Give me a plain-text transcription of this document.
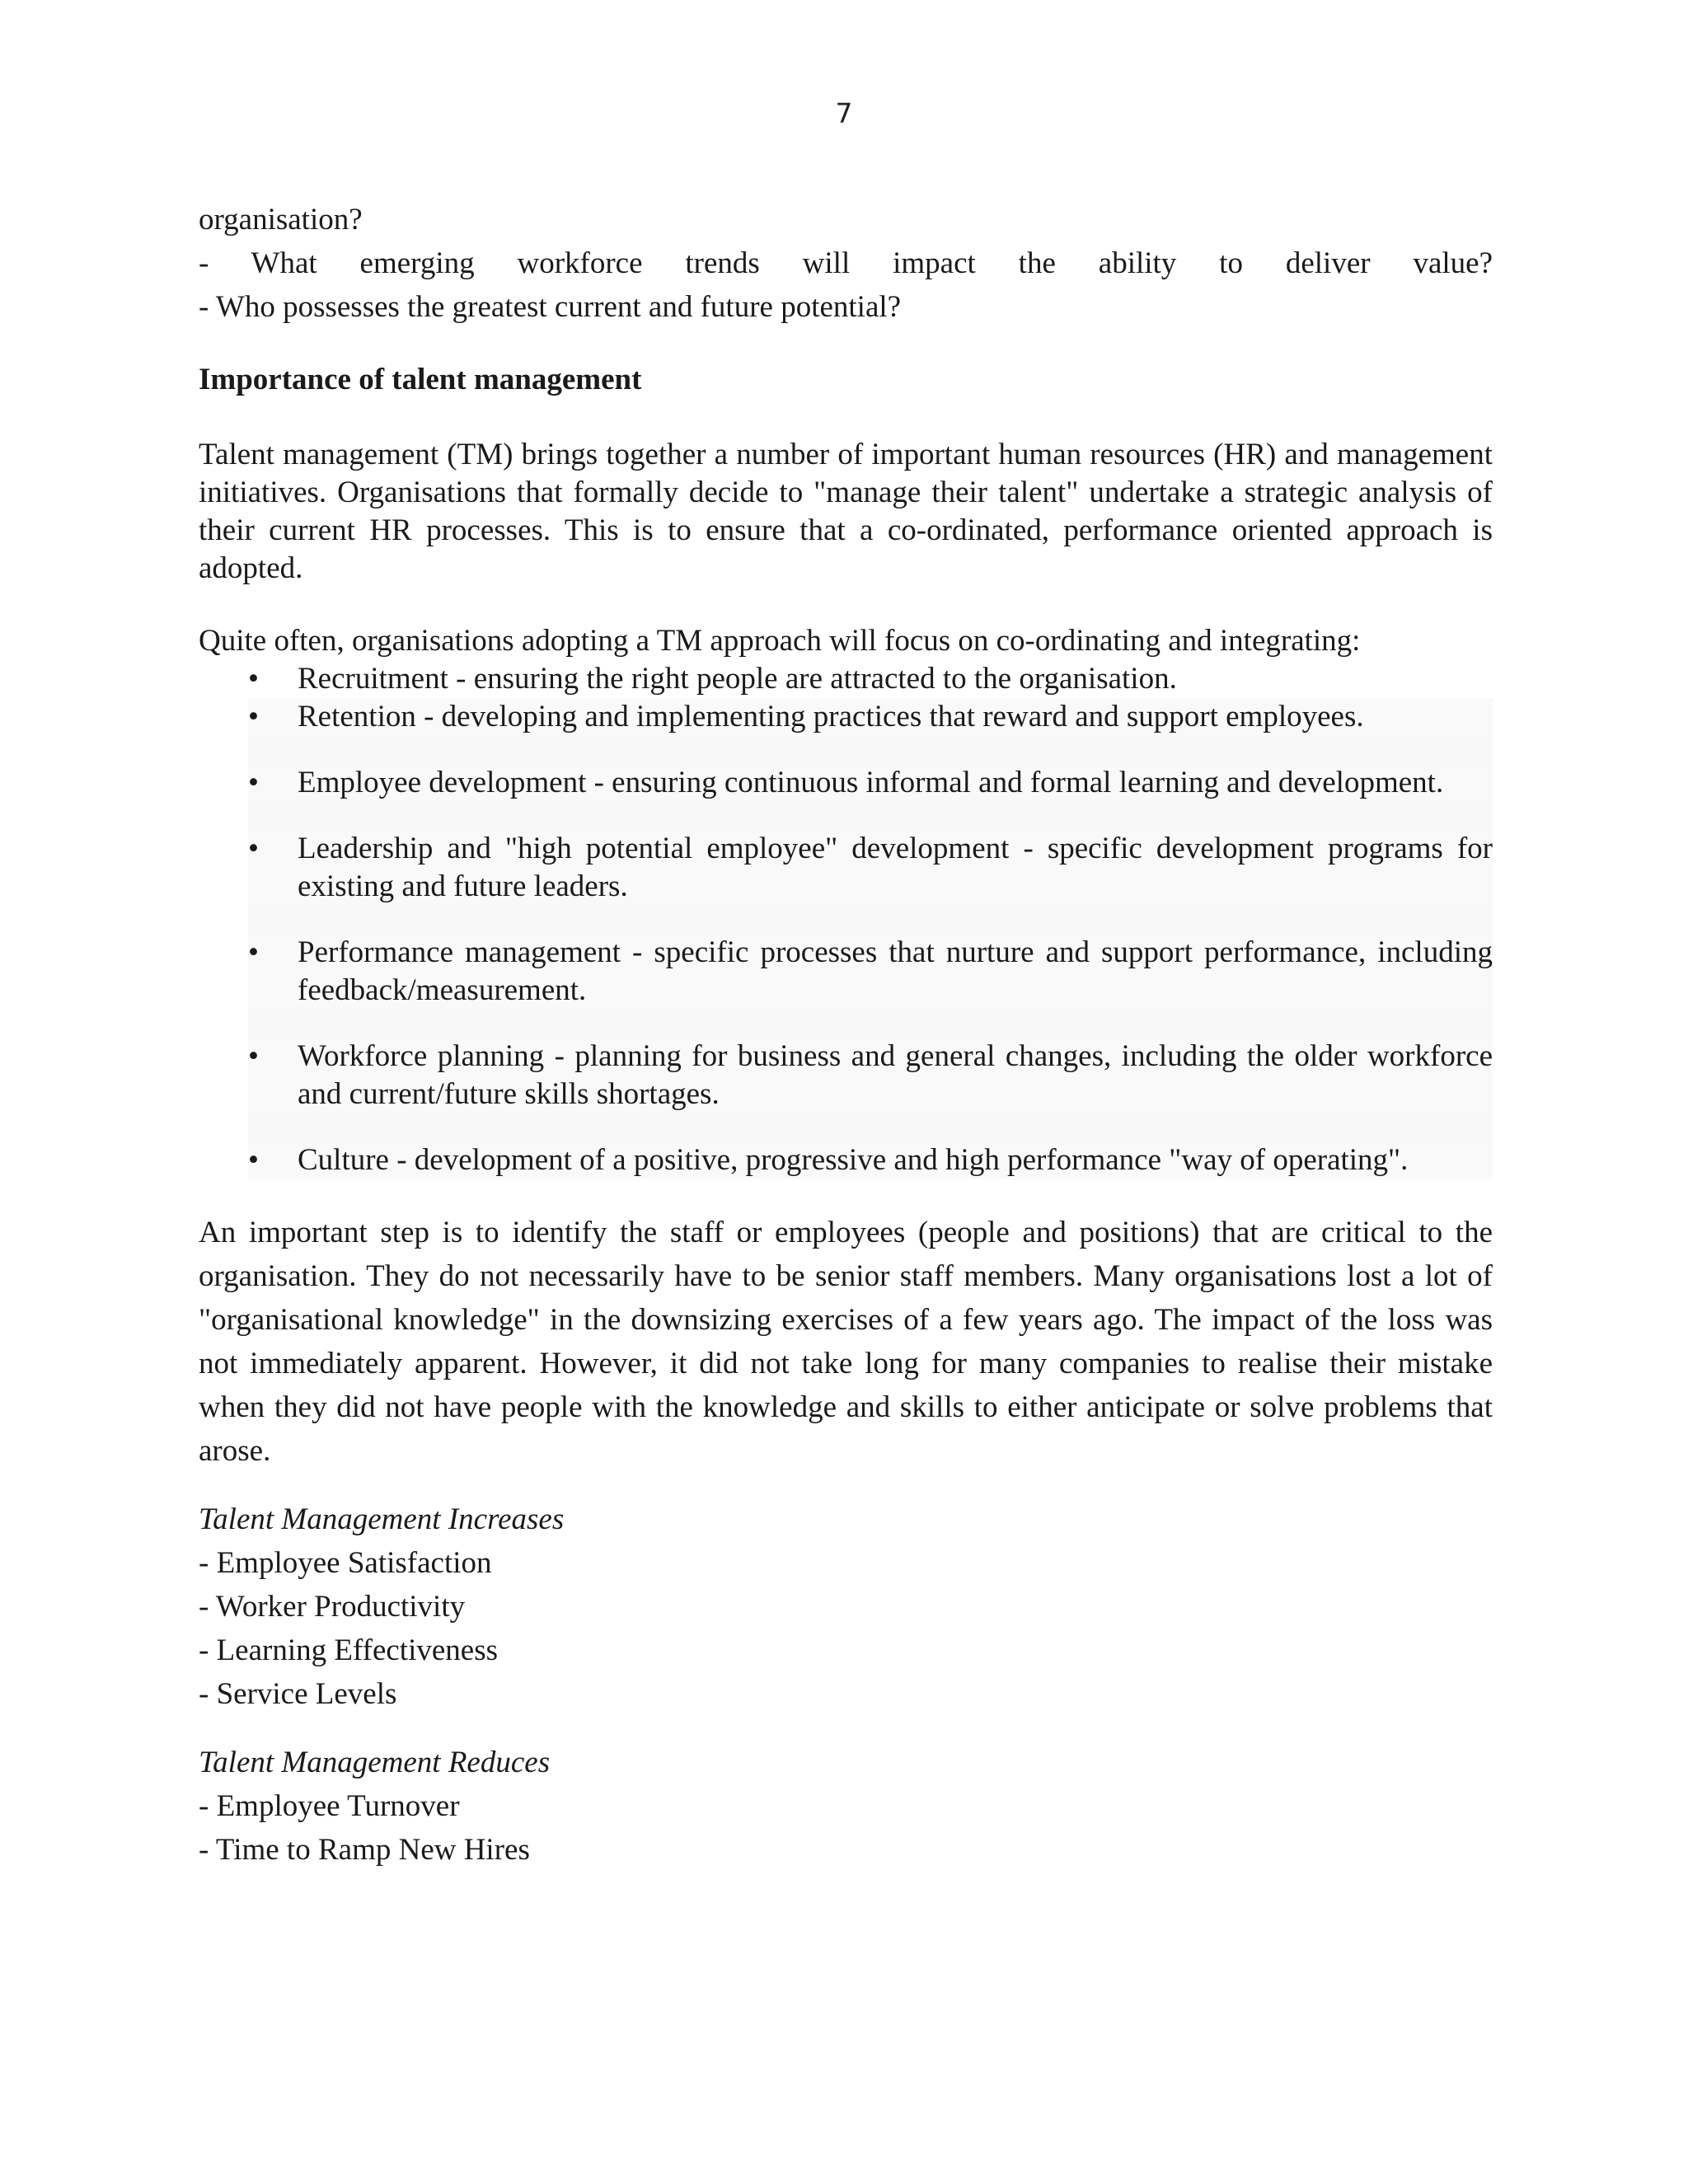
7

organisation?

- What emerging workforce trends will impact the ability to deliver value?

- Who possesses the greatest current and future potential?

Importance of talent management

Talent management (TM) brings together a number of important human resources (HR) and management initiatives. Organisations that formally decide to "manage their talent" undertake a strategic analysis of their current HR processes. This is to ensure that a co-ordinated, performance oriented approach is adopted.

Quite often, organisations adopting a TM approach will focus on co-ordinating and integrating:

• Recruitment - ensuring the right people are attracted to the organisation.
• Retention - developing and implementing practices that reward and support employees.
• Employee development - ensuring continuous informal and formal learning and development.
• Leadership and "high potential employee" development - specific development programs for existing and future leaders.
• Performance management - specific processes that nurture and support performance, including feedback/measurement.
• Workforce planning - planning for business and general changes, including the older workforce and current/future skills shortages.
• Culture - development of a positive, progressive and high performance "way of operating".

An important step is to identify the staff or employees (people and positions) that are critical to the organisation. They do not necessarily have to be senior staff members. Many organisations lost a lot of "organisational knowledge" in the downsizing exercises of a few years ago. The impact of the loss was not immediately apparent. However, it did not take long for many companies to realise their mistake when they did not have people with the knowledge and skills to either anticipate or solve problems that arose.

Talent Management Increases

- Employee Satisfaction

- Worker Productivity

- Learning Effectiveness

- Service Levels

Talent Management Reduces

- Employee Turnover

- Time to Ramp New Hires
